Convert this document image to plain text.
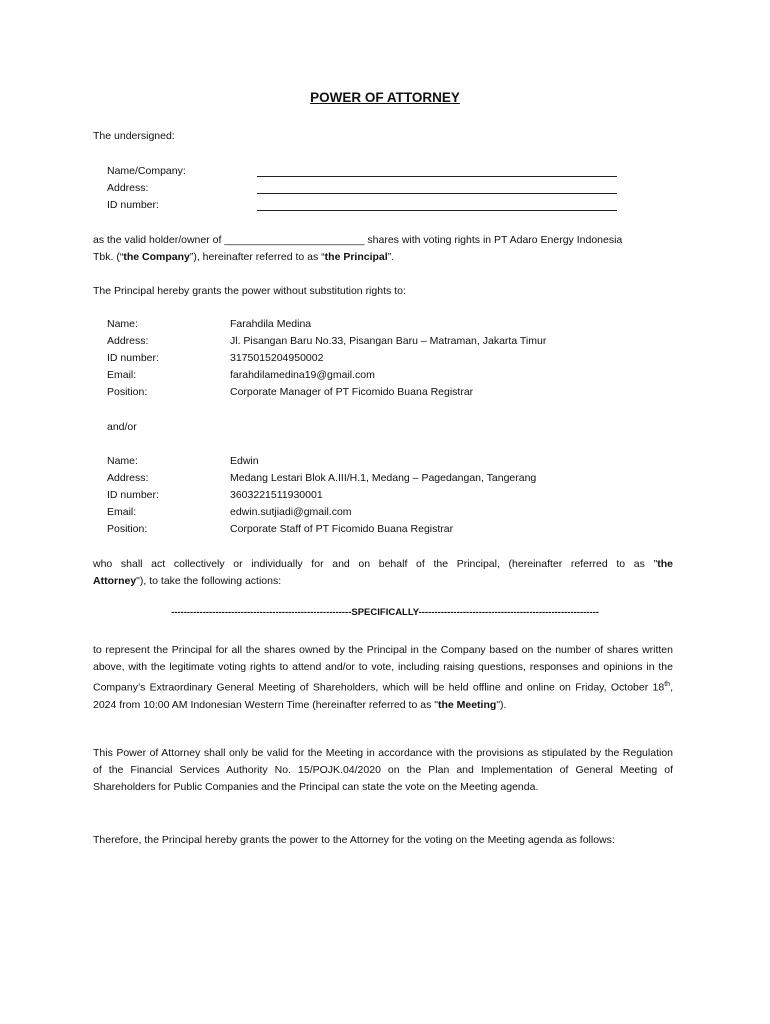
POWER OF ATTORNEY
The undersigned:
Name/Company:
Address:
ID number:
as the valid holder/owner of ________________________ shares with voting rights in PT Adaro Energy Indonesia
Tbk. (“the Company”), hereinafter referred to as “the Principal”.
The Principal hereby grants the power without substitution rights to:
Name:	Farahdila Medina
Address:	Jl. Pisangan Baru No.33, Pisangan Baru – Matraman, Jakarta Timur
ID number:	3175015204950002
Email:	farahdilamedina19@gmail.com
Position:	Corporate Manager of PT Ficomido Buana Registrar
and/or
Name:	Edwin
Address:	Medang Lestari Blok A.III/H.1, Medang – Pagedangan, Tangerang
ID number:	3603221511930001
Email:	edwin.sutjiadi@gmail.com
Position:	Corporate Staff of PT Ficomido Buana Registrar
who shall act collectively or individually for and on behalf of the Principal, (hereinafter referred to as "the
Attorney"), to take the following actions:
---------------------------------------------------------SPECIFICALLY---------------------------------------------------------
to represent the Principal for all the shares owned by the Principal in the Company based on the number of shares written above, with the legitimate voting rights to attend and/or to vote, including raising questions, responses and opinions in the Company’s Extraordinary General Meeting of Shareholders, which will be held offline and online on Friday, October 18th, 2024 from 10:00 AM Indonesian Western Time (hereinafter referred to as "the Meeting").
This Power of Attorney shall only be valid for the Meeting in accordance with the provisions as stipulated by the Regulation of the Financial Services Authority No. 15/POJK.04/2020 on the Plan and Implementation of General Meeting of Shareholders for Public Companies and the Principal can state the vote on the Meeting agenda.
Therefore, the Principal hereby grants the power to the Attorney for the voting on the Meeting agenda as follows:
